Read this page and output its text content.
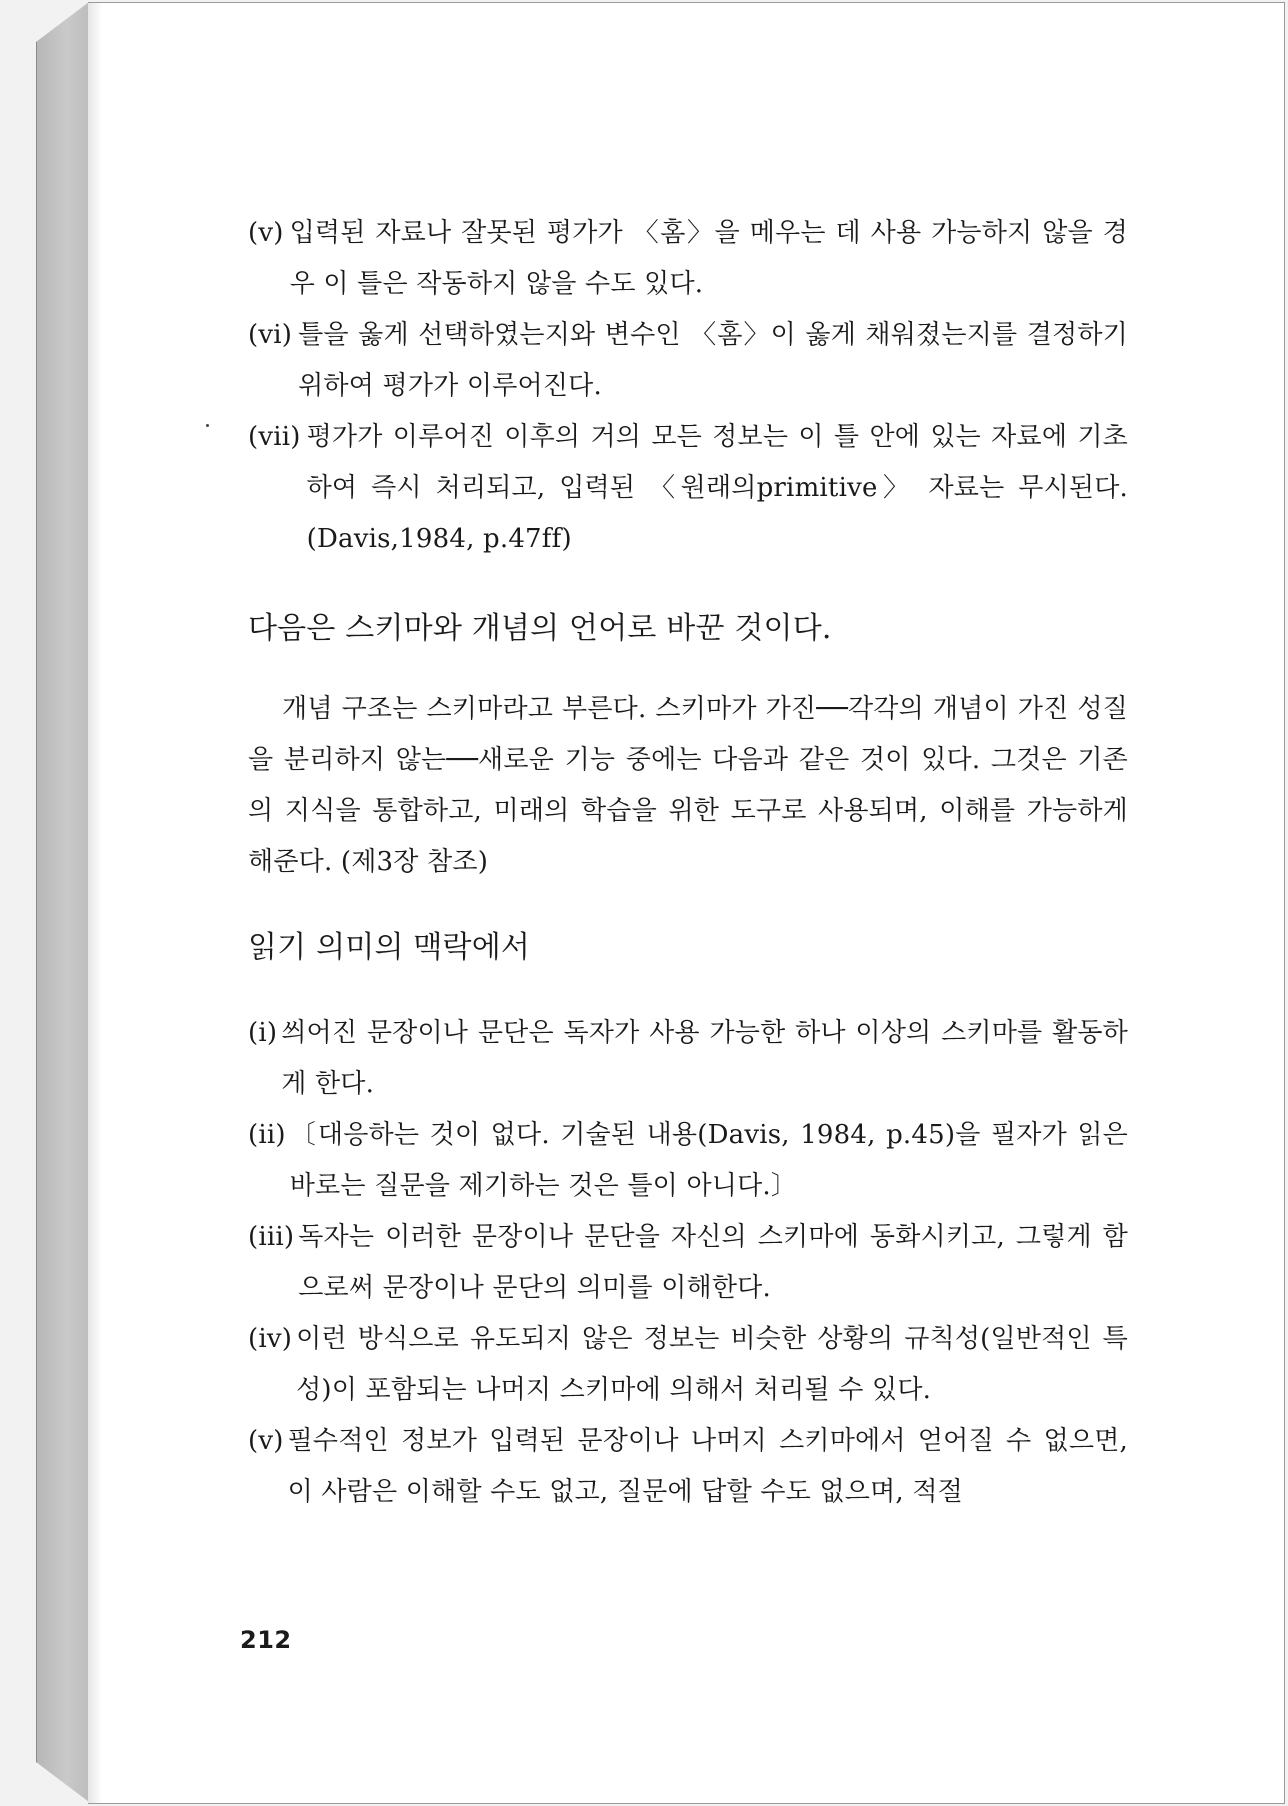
(v) 입력된 자료나 잘못된 평가가 〈홈〉을 메우는 데 사용 가능하지 않을 경우 이 틀은 작동하지 않을 수도 있다.
(vi) 틀을 옳게 선택하였는지와 변수인 〈홈〉이 옳게 채워졌는지를 결정하기 위하여 평가가 이루어진다.
(vii) 평가가 이루어진 이후의 거의 모든 정보는 이 틀 안에 있는 자료에 기초하여 즉시 처리되고, 입력된 〈원래의primitive〉 자료는 무시된다. (Davis,1984, p.47ff)
다음은 스키마와 개념의 언어로 바꾼 것이다.
개념 구조는 스키마라고 부른다. 스키마가 가진──각각의 개념이 가진 성질을 분리하지 않는──새로운 기능 중에는 다음과 같은 것이 있다. 그것은 기존의 지식을 통합하고, 미래의 학습을 위한 도구로 사용되며, 이해를 가능하게 해준다. (제3장 참조)
읽기 의미의 맥락에서
(i) 씌어진 문장이나 문단은 독자가 사용 가능한 하나 이상의 스키마를 활동하게 한다.
(ii) 〔대응하는 것이 없다. 기술된 내용(Davis, 1984, p.45)을 필자가 읽은 바로는 질문을 제기하는 것은 틀이 아니다.〕
(iii) 독자는 이러한 문장이나 문단을 자신의 스키마에 동화시키고, 그렇게 함으로써 문장이나 문단의 의미를 이해한다.
(iv) 이런 방식으로 유도되지 않은 정보는 비슷한 상황의 규칙성(일반적인 특성)이 포함되는 나머지 스키마에 의해서 처리될 수 있다.
(v) 필수적인 정보가 입력된 문장이나 나머지 스키마에서 얻어질 수 없으면, 이 사람은 이해할 수도 없고, 질문에 답할 수도 없으며, 적절
212
